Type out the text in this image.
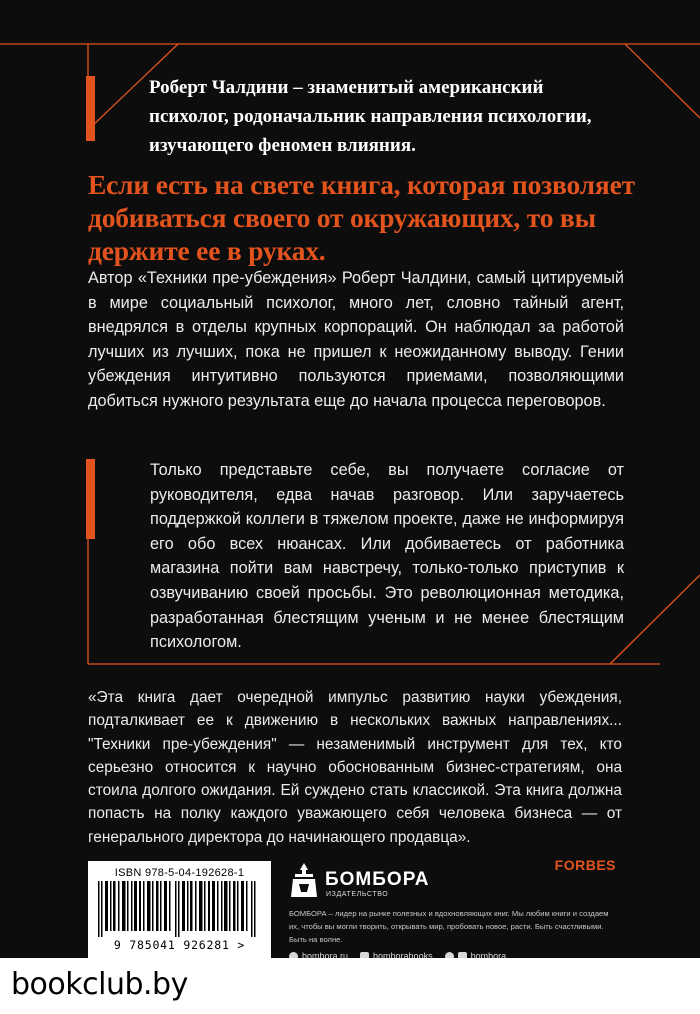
Роберт Чалдини – знаменитый американский психолог, родоначальник направления психологии, изучающего феномен влияния.
Если есть на свете книга, которая позволяет добиваться своего от окружающих, то вы держите ее в руках.
Автор «Техники пре-убеждения» Роберт Чалдини, самый цитируемый в мире социальный психолог, много лет, словно тайный агент, внедрялся в отделы крупных корпораций. Он наблюдал за работой лучших из лучших, пока не пришел к неожиданному выводу. Гении убеждения интуитивно пользуются приемами, позволяющими добиться нужного результата еще до начала процесса переговоров.
Только представьте себе, вы получаете согласие от руководителя, едва начав разговор. Или заручаетесь поддержкой коллеги в тяжелом проекте, даже не информируя его обо всех нюансах. Или добиваетесь от работника магазина пойти вам навстречу, только-только приступив к озвучиванию своей просьбы. Это революционная методика, разработанная блестящим ученым и не менее блестящим психологом.
«Эта книга дает очередной импульс развитию науки убеждения, подталкивает ее к движению в нескольких важных направлениях... "Техники пре-убеждения" — незаменимый инструмент для тех, кто серьезно относится к научно обоснованным бизнес-стратегиям, она стоила долгого ожидания. Ей суждено стать классикой. Эта книга должна попасть на полку каждого уважающего себя человека бизнеса — от генерального директора до начинающего продавца».
FORBES
ISBN 978-5-04-192628-1
9 785041 926281 >
БОМБОРА
ИЗДАТЕЛЬСТВО
БОМБОРА – лидер на рынке полезных и вдохновляющих книг. Мы любим книги и создаем их, чтобы вы могли творить, открывать мир, пробовать новое, расти. Быть счастливыми. Быть на волне.
bombora.ru	bomborabooks	bombora
bookclub.by
